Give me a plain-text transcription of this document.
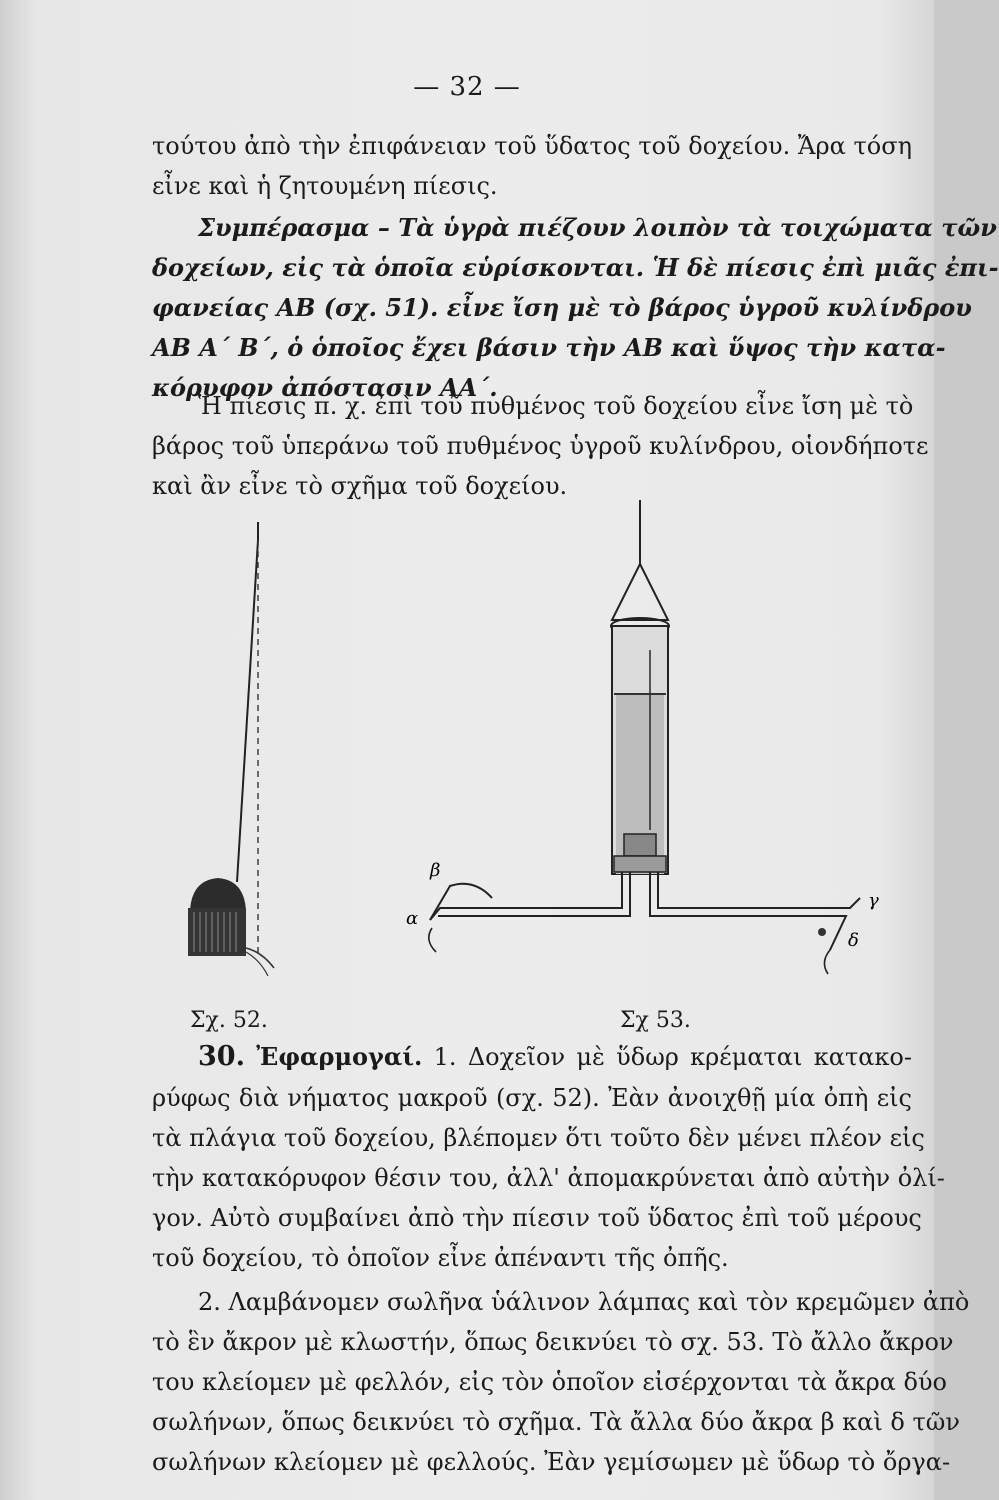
— 32 —
τούτου ἀπὸ τὴν ἐπιφάνειαν τοῦ ὕδατος τοῦ δοχείου. Ἄρα τόση
εἶνε καὶ ἡ ζητουμένη πίεσις.
Συμπέρασμα – Τὰ ὑγρὰ πιέζουν λοιπὸν τὰ τοιχώματα τῶν
δοχείων, εἰς τὰ ὁποῖα εὑρίσκονται. Ἡ δὲ πίεσις ἐπὶ μιᾶς ἐπι-
φανείας ΑΒ (σχ. 51). εἶνε ἴση μὲ τὸ βάρος ὑγροῦ κυλίνδρου
ΑΒ Α΄ Β΄, ὁ ὁποῖος ἔχει βάσιν τὴν ΑΒ καὶ ὕψος τὴν κατα-
κόρυφον ἀπόστασιν ΑΑ΄.
Ἡ πίεσις π. χ. ἐπὶ τοῦ πυθμένος τοῦ δοχείου εἶνε ἴση μὲ τὸ
βάρος τοῦ ὑπεράνω τοῦ πυθμένος ὑγροῦ κυλίνδρου, οἱονδήποτε
καὶ ἂν εἶνε τὸ σχῆμα τοῦ δοχείου.
α
β
γ
δ
Σχ. 52.	Σχ 53.
30. Ἐφαρμογαί. 1. Δοχεῖον μὲ ὕδωρ κρέμαται κατακο-
ρύφως διὰ νήματος μακροῦ (σχ. 52). Ἐὰν ἀνοιχθῇ μία ὀπὴ εἰς
τὰ πλάγια τοῦ δοχείου, βλέπομεν ὅτι τοῦτο δὲν μένει πλέον εἰς
τὴν κατακόρυφον θέσιν του, ἀλλ' ἀπομακρύνεται ἀπὸ αὐτὴν ὀλί-
γον. Αὐτὸ συμβαίνει ἀπὸ τὴν πίεσιν τοῦ ὕδατος ἐπὶ τοῦ μέρους
τοῦ δοχείου, τὸ ὁποῖον εἶνε ἀπέναντι τῆς ὀπῆς.
2. Λαμβάνομεν σωλῆνα ὑάλινον λάμπας καὶ τὸν κρεμῶμεν ἀπὸ
τὸ ἓν ἄκρον μὲ κλωστήν, ὅπως δεικνύει τὸ σχ. 53. Τὸ ἄλλο ἄκρον
του κλείομεν μὲ φελλόν, εἰς τὸν ὁποῖον εἰσέρχονται τὰ ἄκρα δύο
σωλήνων, ὅπως δεικνύει τὸ σχῆμα. Τὰ ἄλλα δύο ἄκρα β καὶ δ τῶν
σωλήνων κλείομεν μὲ φελλούς. Ἐὰν γεμίσωμεν μὲ ὕδωρ τὸ ὄργα-
